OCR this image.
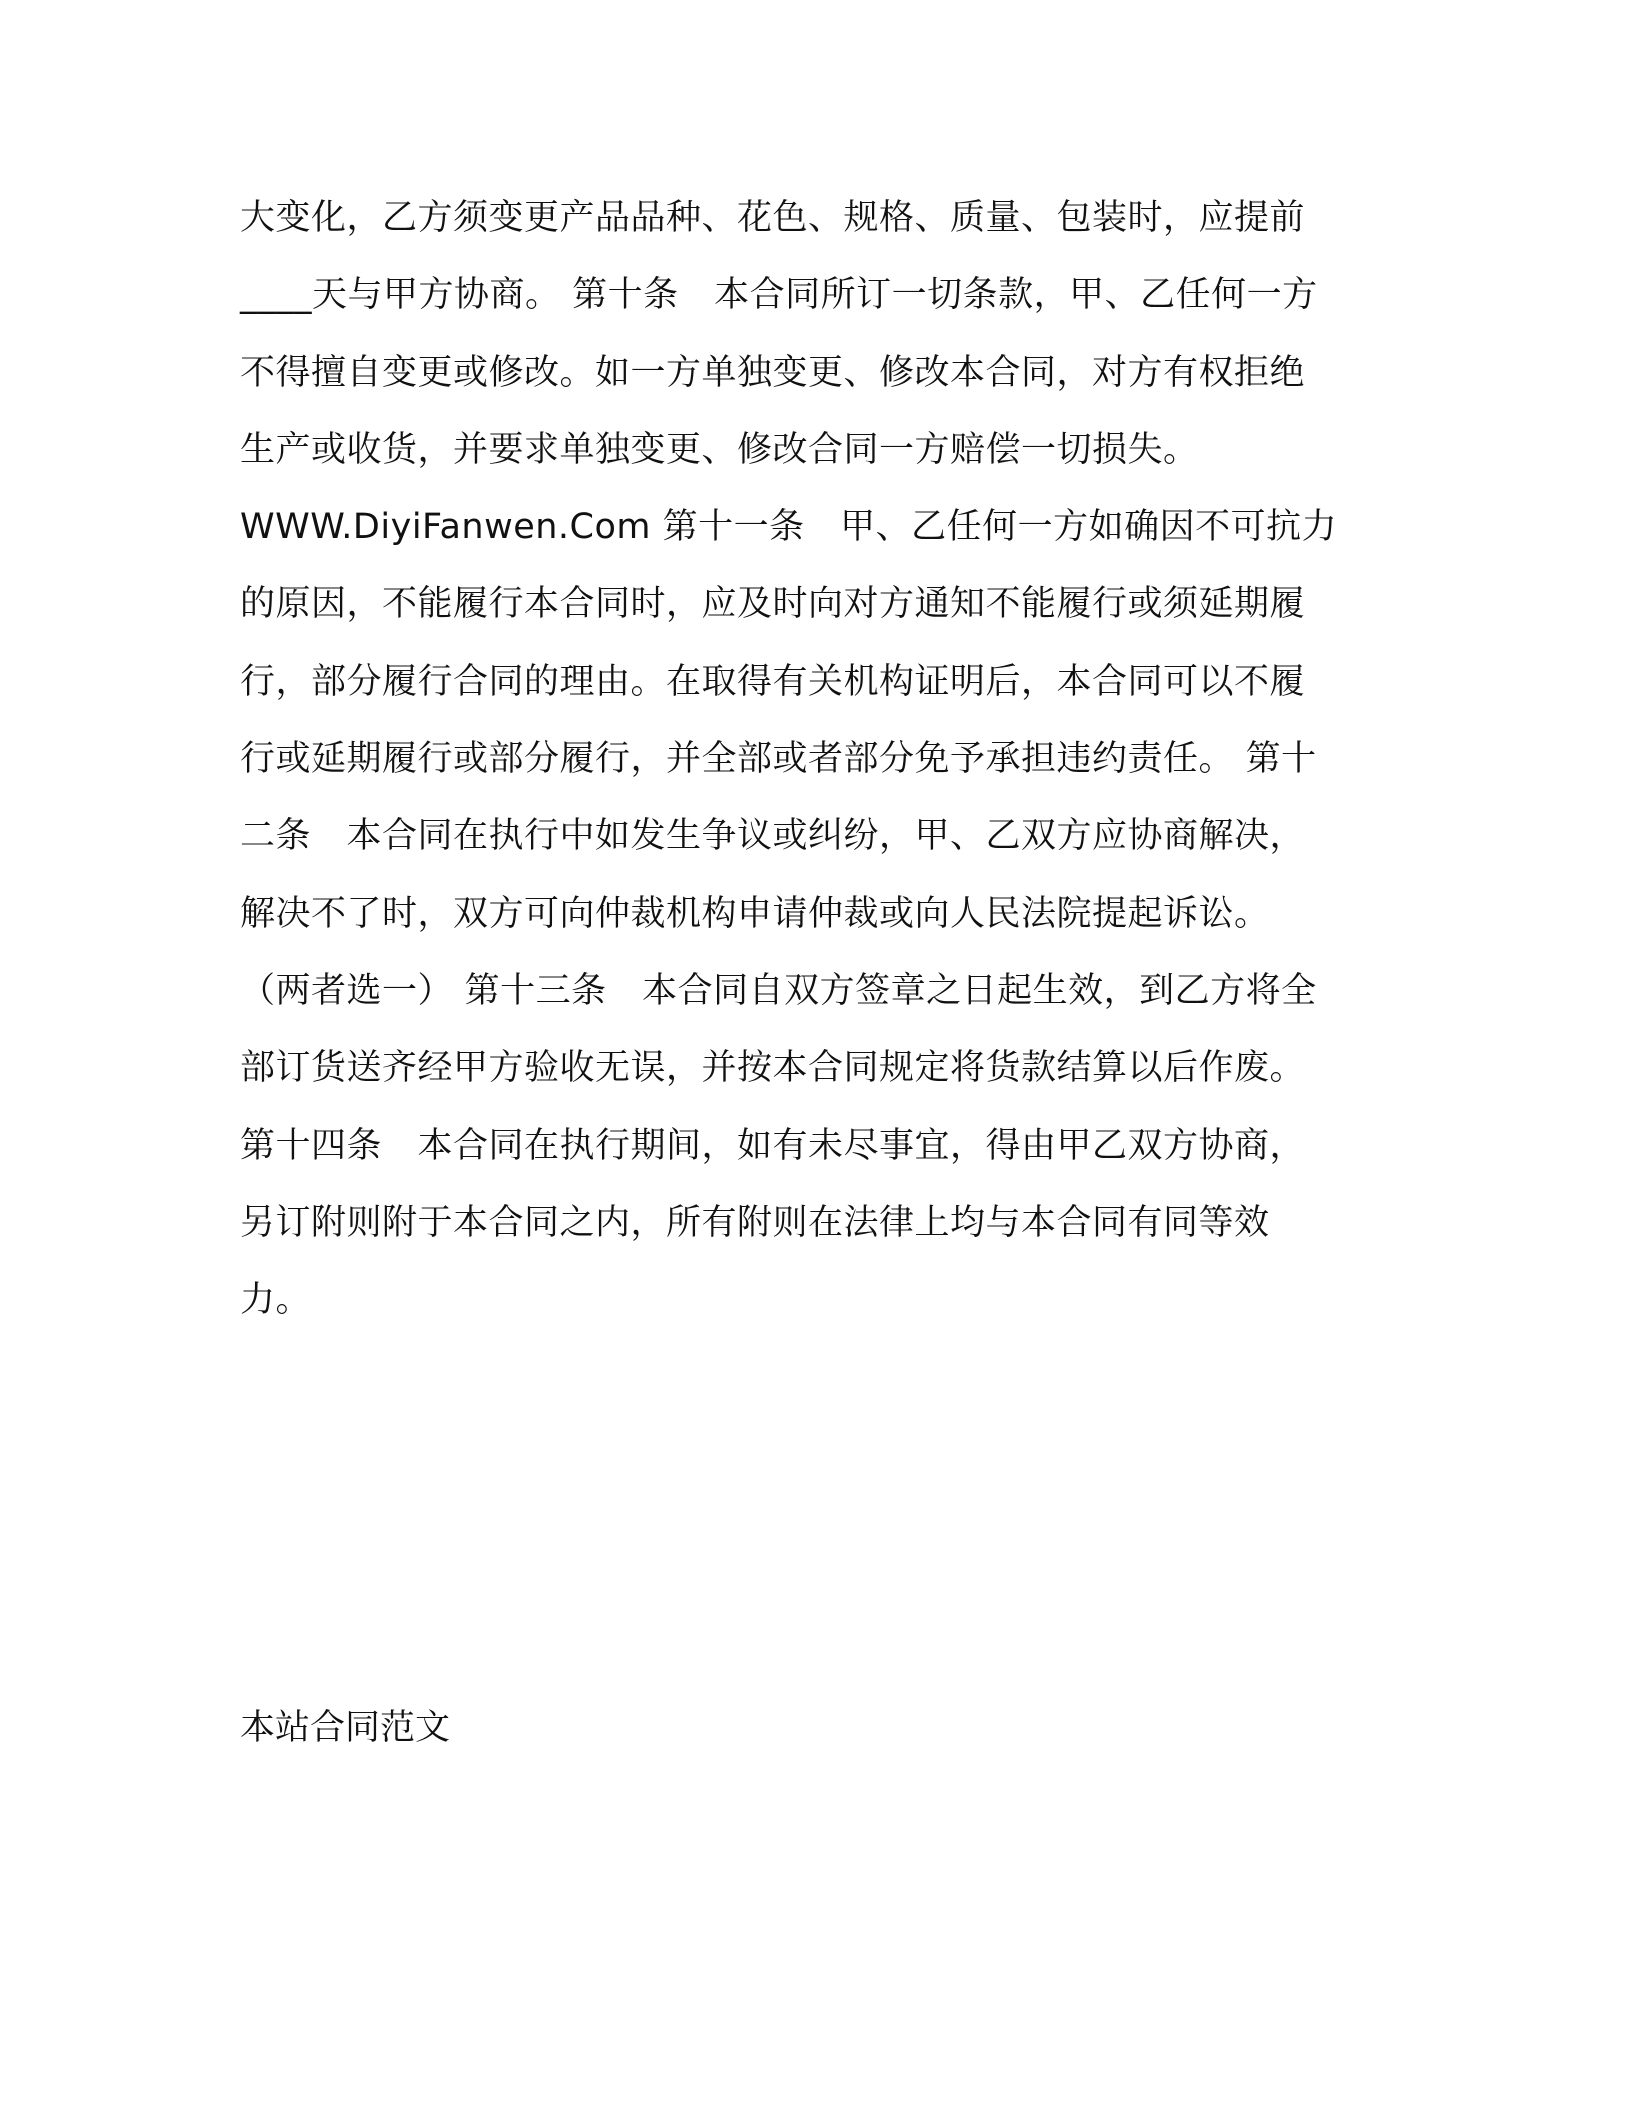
大变化，乙方须变更产品品种、花色、规格、质量、包装时，应提前
____天与甲方协商。 第十条　本合同所订一切条款，甲、乙任何一方
不得擅自变更或修改。如一方单独变更、修改本合同，对方有权拒绝
生产或收货，并要求单独变更、修改合同一方赔偿一切损失。
WWW.DiyiFanwen.Com 第十一条　甲、乙任何一方如确因不可抗力
的原因，不能履行本合同时，应及时向对方通知不能履行或须延期履
行，部分履行合同的理由。在取得有关机构证明后，本合同可以不履
行或延期履行或部分履行，并全部或者部分免予承担违约责任。 第十
二条　本合同在执行中如发生争议或纠纷，甲、乙双方应协商解决，
解决不了时，双方可向仲裁机构申请仲裁或向人民法院提起诉讼。
（两者选一） 第十三条　本合同自双方签章之日起生效，到乙方将全
部订货送齐经甲方验收无误，并按本合同规定将货款结算以后作废。
第十四条　本合同在执行期间，如有未尽事宜，得由甲乙双方协商，
另订附则附于本合同之内，所有附则在法律上均与本合同有同等效
力。

本站合同范文
